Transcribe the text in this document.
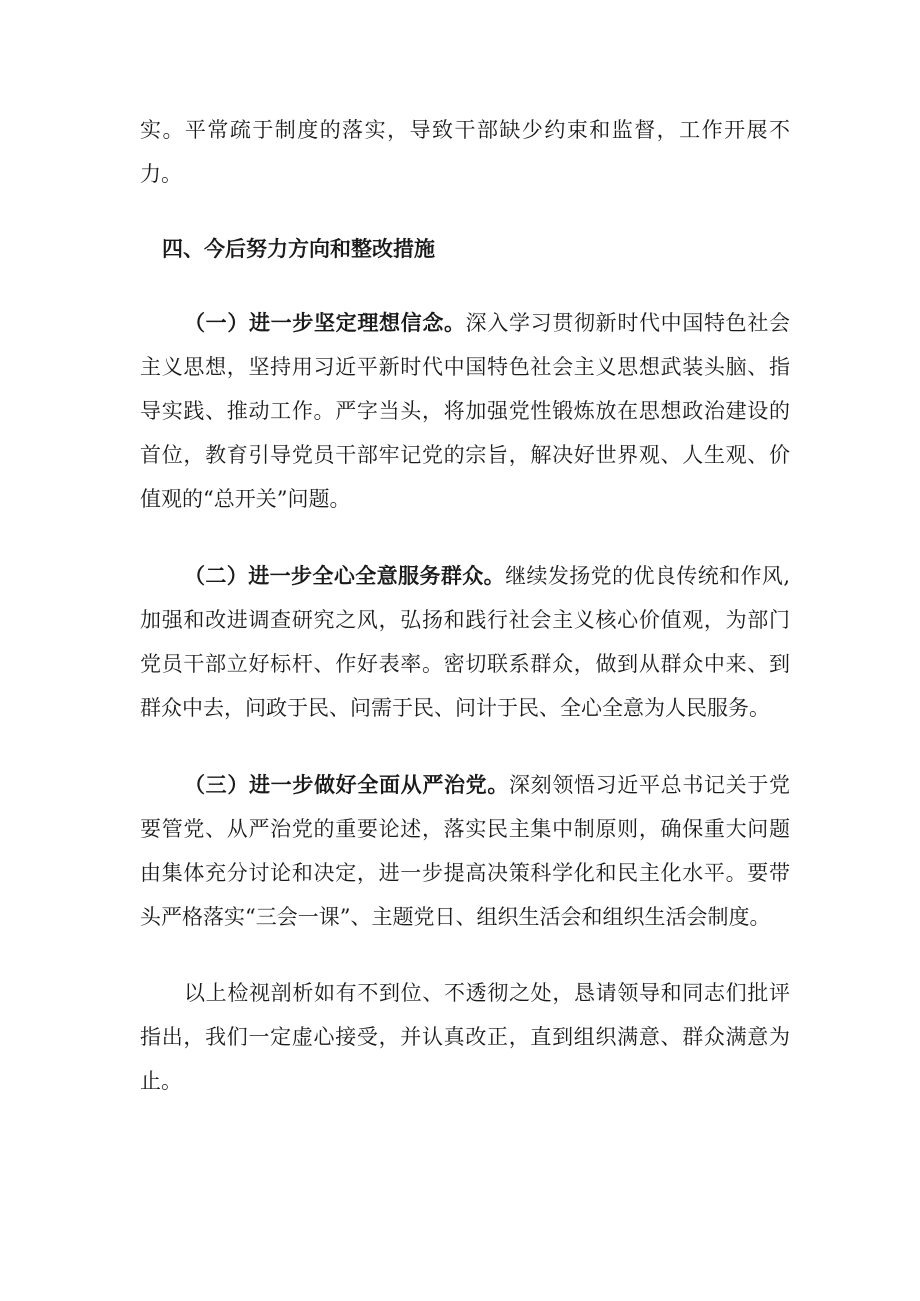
实。平常疏于制度的落实，导致干部缺少约束和监督，工作开展不力。

四、今后努力方向和整改措施

（一）进一步坚定理想信念。深入学习贯彻新时代中国特色社会主义思想，坚持用习近平新时代中国特色社会主义思想武装头脑、指导实践、推动工作。严字当头，将加强党性锻炼放在思想政治建设的首位，教育引导党员干部牢记党的宗旨，解决好世界观、人生观、价值观的“总开关”问题。

（二）进一步全心全意服务群众。继续发扬党的优良传统和作风,加强和改进调查研究之风，弘扬和践行社会主义核心价值观，为部门党员干部立好标杆、作好表率。密切联系群众，做到从群众中来、到群众中去，问政于民、问需于民、问计于民、全心全意为人民服务。

（三）进一步做好全面从严治党。深刻领悟习近平总书记关于党要管党、从严治党的重要论述，落实民主集中制原则，确保重大问题由集体充分讨论和决定，进一步提高决策科学化和民主化水平。要带头严格落实“三会一课”、主题党日、组织生活会和组织生活会制度。

以上检视剖析如有不到位、不透彻之处，恳请领导和同志们批评指出，我们一定虚心接受，并认真改正，直到组织满意、群众满意为止。
